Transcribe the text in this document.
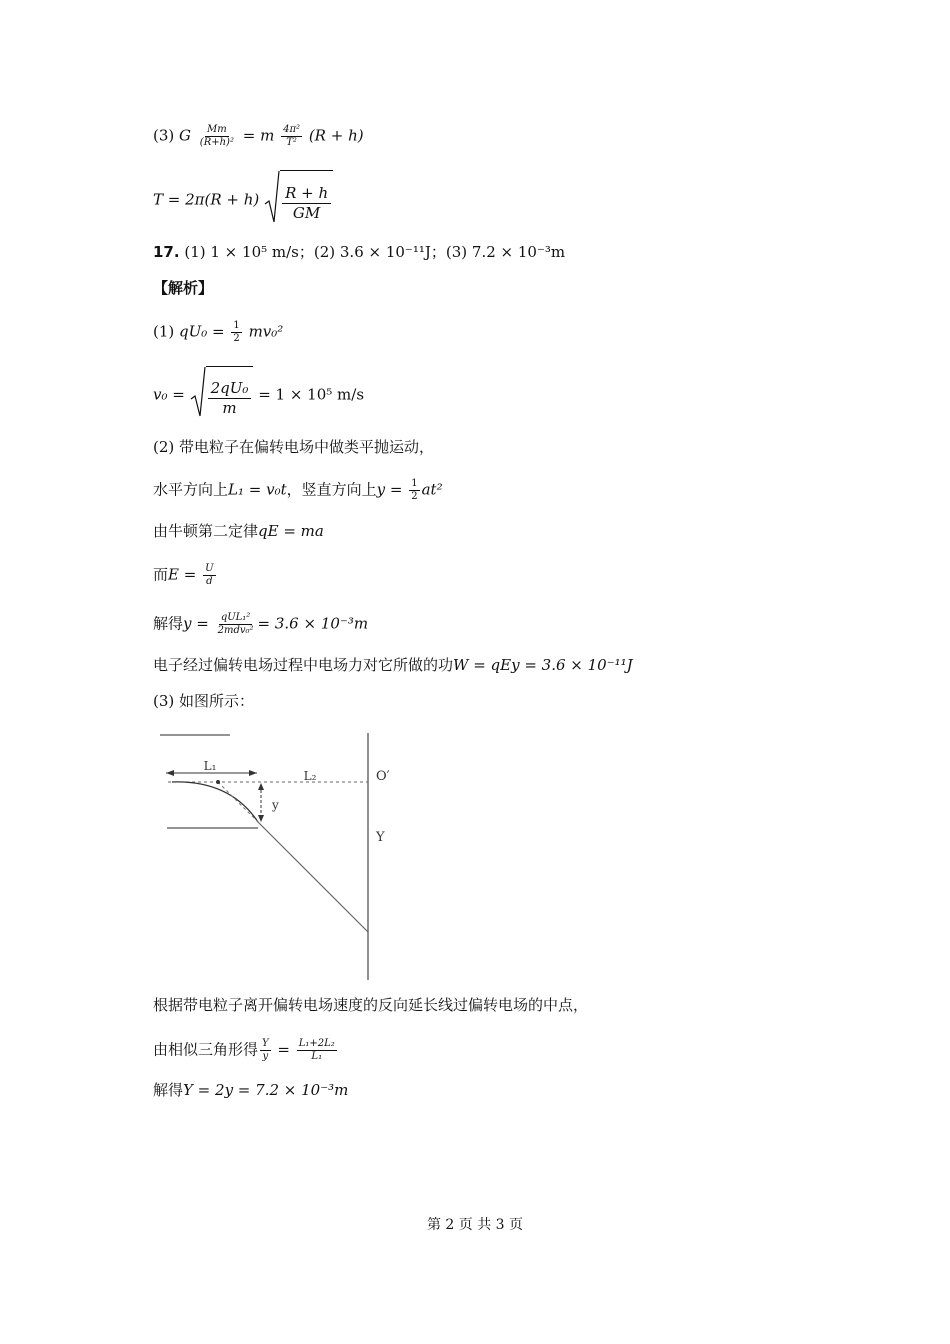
(3) G $\frac{Mm}{\text{(R+h)²}} = m \frac{\text{4π²}}{\text{T²}} (R + h)$
$T = 2\pi(R + h) \frac{R + h}{GM}$
17. (1) 1 × 10⁵ m/s；(2) 3.6 × 10⁻¹¹J；(3) 7.2 × 10⁻³m
【解析】
(1) $qU_0 = \frac{1}{2} mv_0^2$
$v_0 = \frac{\text{2qU₀}}{m} = 1 \times 10^5$ m/s
(2) 带电粒子在偏转电场中做类平抛运动，
水平方向上L₁ = v₀t，竖直方向上$y = \frac{1}{2} at^2$
由牛顿第二定律qE = ma
而$E = \frac{U}{d}$
解得$y = \frac{\text{qUL₁²}}{\text{2mdv₀²}} = 3.6 \times 10^{-3}m$
电子经过偏转电场过程中电场力对它所做的功W = qEy = 3.6 × 10⁻¹¹J
(3) 如图所示：
L₁
L₂	O′
y
Y
根据带电粒子离开偏转电场速度的反向延长线过偏转电场的中点，
由相似三角形得 $\frac{Y}{y} = \frac{\text{L₁+2L₂}}{\text{L₁}}$
解得Y = 2y = 7.2 × 10⁻³m
第 2 页 共 3 页
